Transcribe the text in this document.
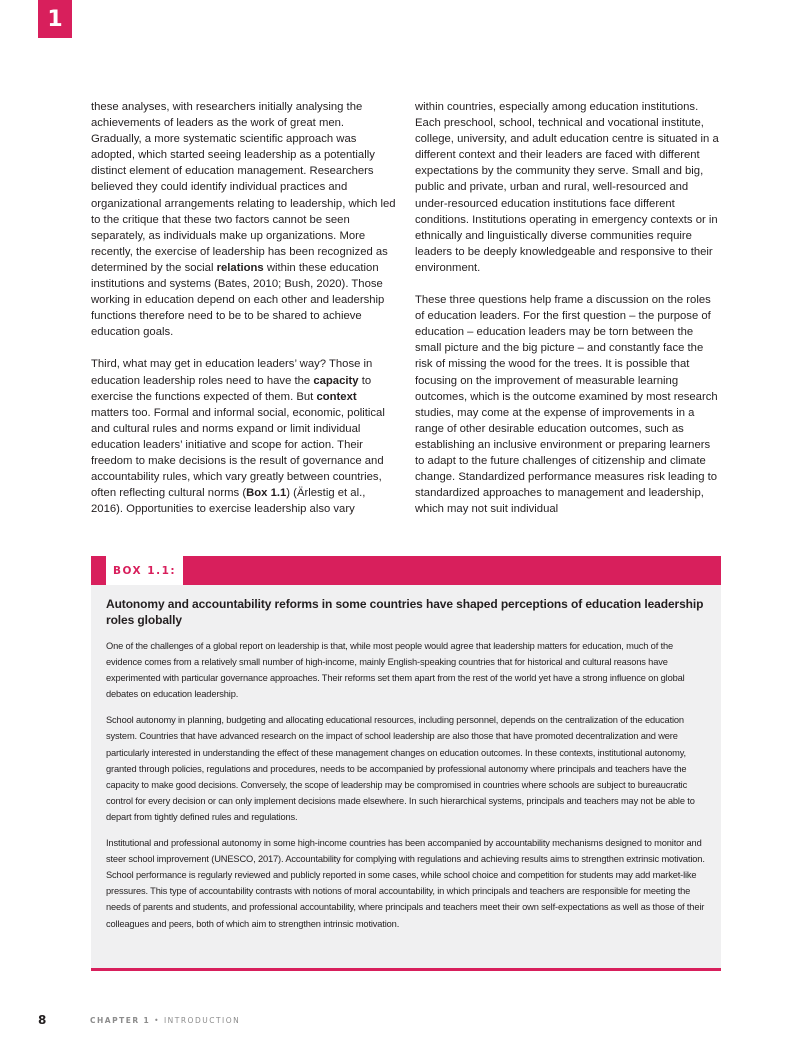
1

these analyses, with researchers initially analysing the achievements of leaders as the work of great men. Gradually, a more systematic scientific approach was adopted, which started seeing leadership as a potentially distinct element of education management. Researchers believed they could identify individual practices and organizational arrangements relating to leadership, which led to the critique that these two factors cannot be seen separately, as individuals make up organizations. More recently, the exercise of leadership has been recognized as determined by the social relations within these education institutions and systems (Bates, 2010; Bush, 2020). Those working in education depend on each other and leadership functions therefore need to be to be shared to achieve education goals.

Third, what may get in education leaders’ way? Those in education leadership roles need to have the capacity to exercise the functions expected of them. But context matters too. Formal and informal social, economic, political and cultural rules and norms expand or limit individual education leaders’ initiative and scope for action. Their freedom to make decisions is the result of governance and accountability rules, which vary greatly between countries, often reflecting cultural norms (Box 1.1) (Ärlestig et al., 2016). Opportunities to exercise leadership also vary

within countries, especially among education institutions. Each preschool, school, technical and vocational institute, college, university, and adult education centre is situated in a different context and their leaders are faced with different expectations by the community they serve. Small and big, public and private, urban and rural, well-resourced and under-resourced education institutions face different conditions. Institutions operating in emergency contexts or in ethnically and linguistically diverse communities require leaders to be deeply knowledgeable and responsive to their environment.

These three questions help frame a discussion on the roles of education leaders. For the first question – the purpose of education – education leaders may be torn between the small picture and the big picture – and constantly face the risk of missing the wood for the trees. It is possible that focusing on the improvement of measurable learning outcomes, which is the outcome examined by most research studies, may come at the expense of improvements in a range of other desirable education outcomes, such as establishing an inclusive environment or preparing learners to adapt to the future challenges of citizenship and climate change. Standardized performance measures risk leading to standardized approaches to management and leadership, which may not suit individual

BOX 1.1:
Autonomy and accountability reforms in some countries have shaped perceptions of education leadership roles globally

One of the challenges of a global report on leadership is that, while most people would agree that leadership matters for education, much of the evidence comes from a relatively small number of high-income, mainly English-speaking countries that for historical and cultural reasons have experimented with particular governance approaches. Their reforms set them apart from the rest of the world yet have a strong influence on global debates on education leadership.

School autonomy in planning, budgeting and allocating educational resources, including personnel, depends on the centralization of the education system. Countries that have advanced research on the impact of school leadership are also those that have promoted decentralization and were particularly interested in understanding the effect of these management changes on education outcomes. In these contexts, institutional autonomy, granted through policies, regulations and procedures, needs to be accompanied by professional autonomy where principals and teachers have the capacity to make good decisions. Conversely, the scope of leadership may be compromised in countries where schools are subject to bureaucratic control for every decision or can only implement decisions made elsewhere. In such hierarchical systems, principals and teachers may not be able to depart from tightly defined rules and regulations.

Institutional and professional autonomy in some high-income countries has been accompanied by accountability mechanisms designed to monitor and steer school improvement (UNESCO, 2017). Accountability for complying with regulations and achieving results aims to strengthen extrinsic motivation. School performance is regularly reviewed and publicly reported in some cases, while school choice and competition for students may add market-like pressures. This type of accountability contrasts with notions of moral accountability, in which principals and teachers are responsible for meeting the needs of parents and students, and professional accountability, where principals and teachers meet their own self-expectations as well as those of their colleagues and peers, both of which aim to strengthen intrinsic motivation.

8	CHAPTER 1 • INTRODUCTION
